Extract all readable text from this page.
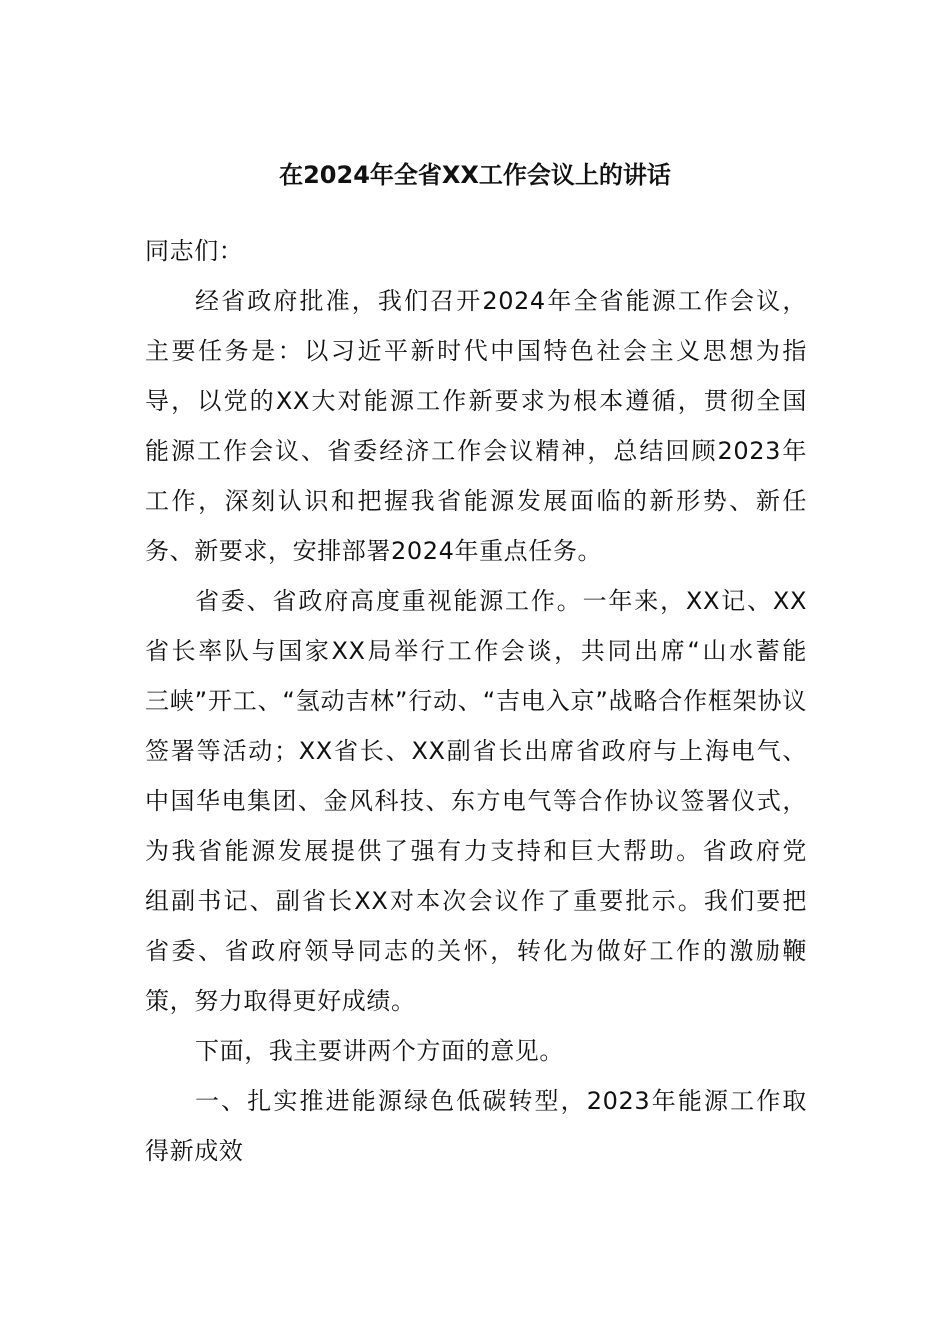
在2024年全省XX工作会议上的讲话
同志们：
经省政府批准，我们召开2024年全省能源工作会议，
主要任务是：以习近平新时代中国特色社会主义思想为指
导，以党的XX大对能源工作新要求为根本遵循，贯彻全国
能源工作会议、省委经济工作会议精神，总结回顾2023年
工作，深刻认识和把握我省能源发展面临的新形势、新任
务、新要求，安排部署2024年重点任务。
省委、省政府高度重视能源工作。一年来，XX记、XX
省长率队与国家XX局举行工作会谈，共同出席“山水蓄能
三峡”开工、“氢动吉林”行动、“吉电入京”战略合作框架协议
签署等活动；XX省长、XX副省长出席省政府与上海电气、
中国华电集团、金风科技、东方电气等合作协议签署仪式，
为我省能源发展提供了强有力支持和巨大帮助。省政府党
组副书记、副省长XX对本次会议作了重要批示。我们要把
省委、省政府领导同志的关怀，转化为做好工作的激励鞭
策，努力取得更好成绩。
下面，我主要讲两个方面的意见。
一、扎实推进能源绿色低碳转型，2023年能源工作取
得新成效
